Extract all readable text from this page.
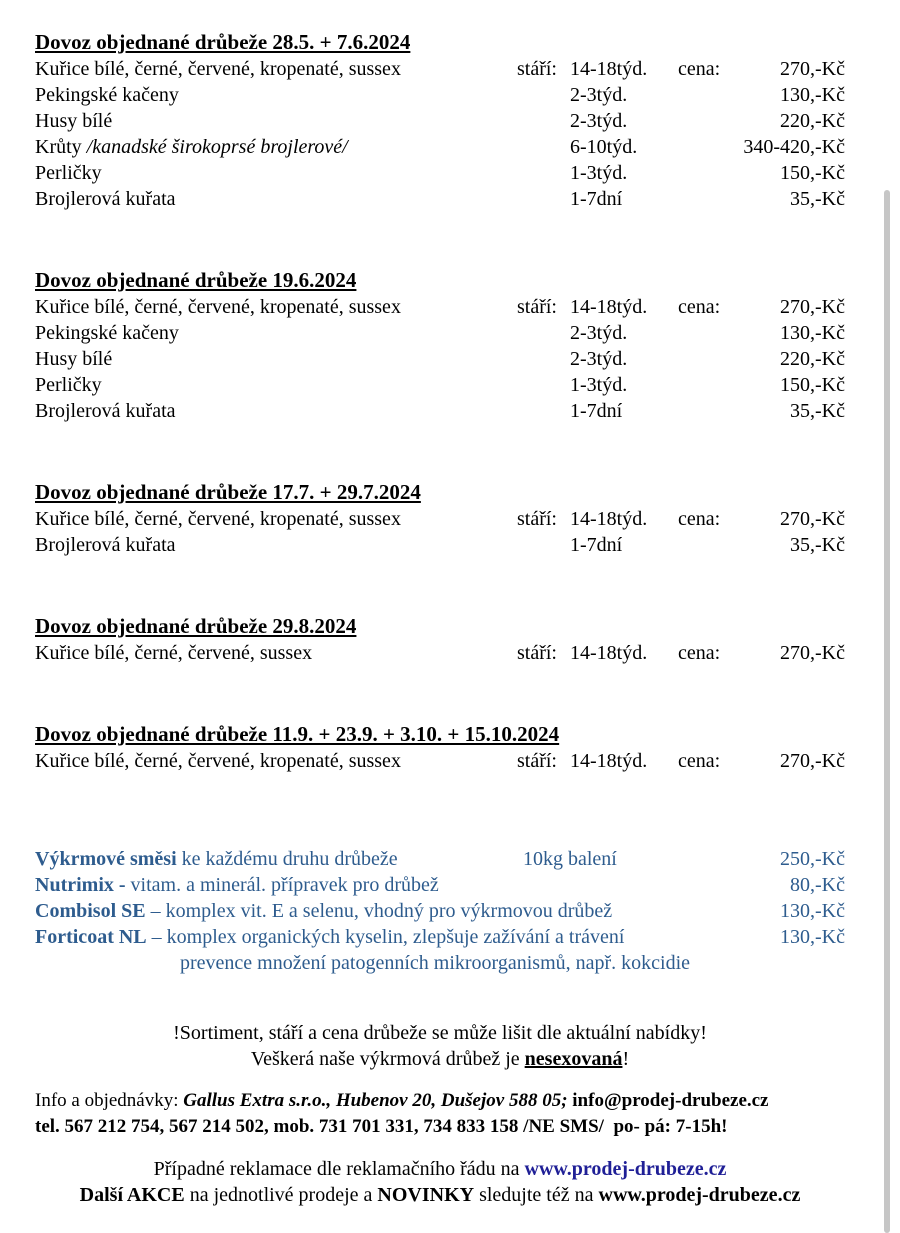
Dovoz objednané drůbeže 28.5. + 7.6.2024
Kuřice bílé, černé, červené, kropenaté, sussex	stáří: 14-18týd.	cena:	270,-Kč
Pekingské kačeny	2-3týd.	130,-Kč
Husy bílé	2-3týd.	220,-Kč
Krůty /kanadské širokoprsé brojlerové/	6-10týd.	340-420,-Kč
Perličky	1-3týd.	150,-Kč
Brojlerová kuřata	1-7dní	35,-Kč
Dovoz objednané drůbeže 19.6.2024
Kuřice bílé, černé, červené, kropenaté, sussex	stáří: 14-18týd.	cena:	270,-Kč
Pekingské kačeny	2-3týd.	130,-Kč
Husy bílé	2-3týd.	220,-Kč
Perličky	1-3týd.	150,-Kč
Brojlerová kuřata	1-7dní	35,-Kč
Dovoz objednané drůbeže 17.7. + 29.7.2024
Kuřice bílé, černé, červené, kropenaté, sussex	stáří: 14-18týd.	cena:	270,-Kč
Brojlerová kuřata	1-7dní	35,-Kč
Dovoz objednané drůbeže 29.8.2024
Kuřice bílé, černé, červené, sussex	stáří: 14-18týd.	cena:	270,-Kč
Dovoz objednané drůbeže 11.9. + 23.9. + 3.10. + 15.10.2024
Kuřice bílé, černé, červené, kropenaté, sussex	stáří: 14-18týd.	cena:	270,-Kč
Výkrmové směsi ke každému druhu drůbeže	10kg balení	250,-Kč
Nutrimix - vitam. a minerál. přípravek pro drůbež	80,-Kč
Combisol SE – komplex vit. E a selenu, vhodný pro výkrmovou drůbež	130,-Kč
Forticoat NL – komplex organických kyselin, zlepšuje zažívání a trávení	130,-Kč
prevence množení patogenních mikroorganismů, např. kokcidie
!Sortiment, stáří a cena drůbeže se může lišit dle aktuální nabídky!
Veškerá naše výkrmová drůbež je nesexovaná!
Info a objednávky: Gallus Extra s.r.o., Hubenov 20, Dušejov 588 05; info@prodej-drubeze.cz
tel. 567 212 754, 567 214 502, mob. 731 701 331, 734 833 158 /NE SMS/  po- pá: 7-15h!
Případné reklamace dle reklamačního řádu na www.prodej-drubeze.cz
Další AKCE na jednotlivé prodeje a NOVINKY sledujte též na www.prodej-drubeze.cz
